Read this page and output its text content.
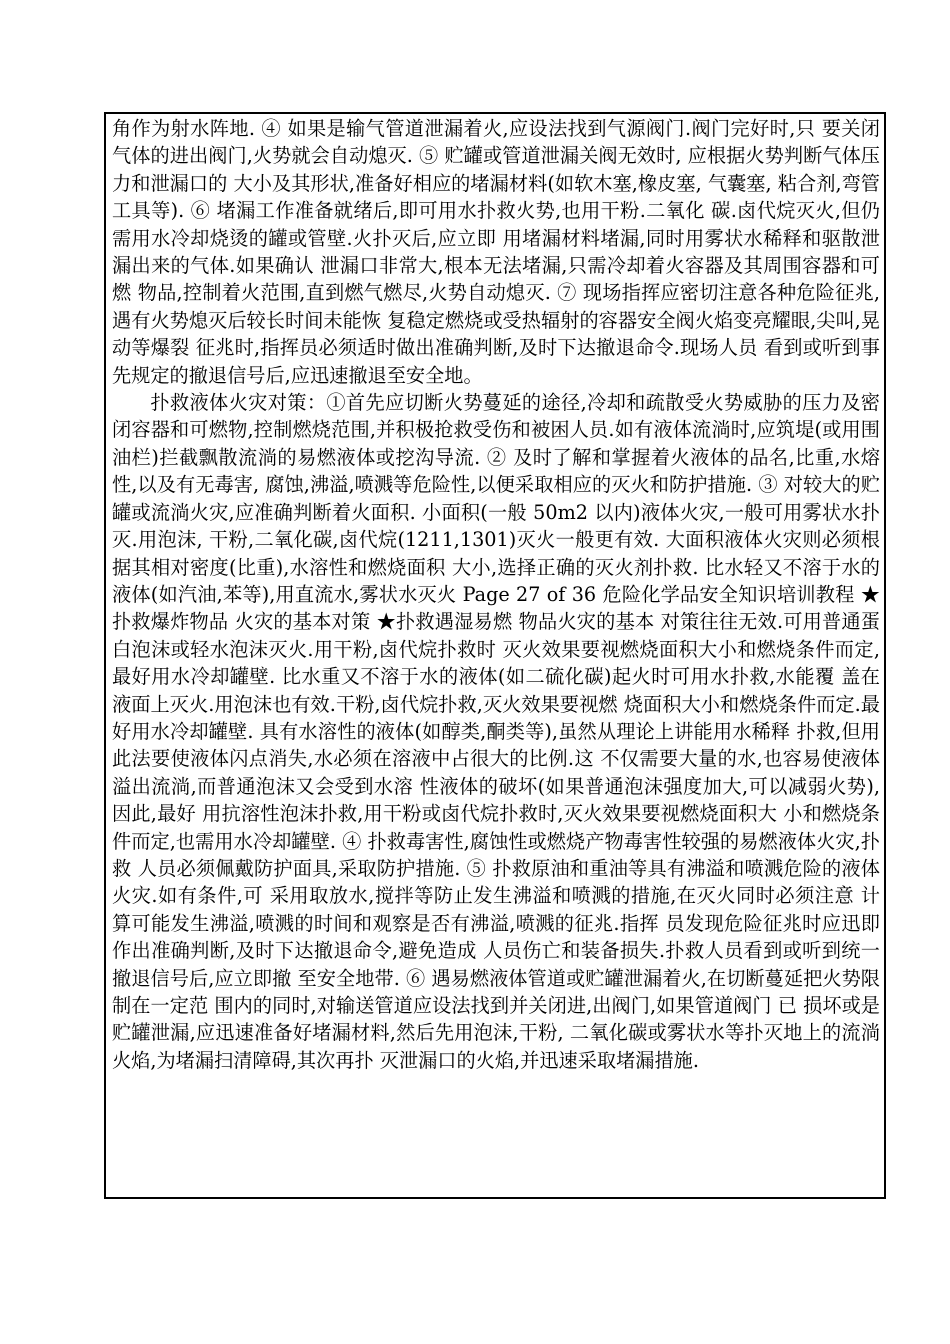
角作为射水阵地. ④ 如果是输气管道泄漏着火,应设法找到气源阀门.阀门完好时,只 要关闭气体的进出阀门,火势就会自动熄灭. ⑤ 贮罐或管道泄漏关阀无效时, 应根据火势判断气体压力和泄漏口的 大小及其形状,准备好相应的堵漏材料(如软木塞,橡皮塞, 气囊塞, 粘合剂,弯管工具等). ⑥ 堵漏工作准备就绪后,即可用水扑救火势,也用干粉.二氧化 碳.卤代烷灭火,但仍需用水冷却烧烫的罐或管壁.火扑灭后,应立即 用堵漏材料堵漏,同时用雾状水稀释和驱散泄漏出来的气体.如果确认 泄漏口非常大,根本无法堵漏,只需冷却着火容器及其周围容器和可燃 物品,控制着火范围,直到燃气燃尽,火势自动熄灭. ⑦ 现场指挥应密切注意各种危险征兆,遇有火势熄灭后较长时间未能恢 复稳定燃烧或受热辐射的容器安全阀火焰变亮耀眼,尖叫,晃动等爆裂 征兆时,指挥员必须适时做出准确判断,及时下达撤退命令.现场人员 看到或听到事先规定的撤退信号后,应迅速撤退至安全地。

扑救液体火灾对策：①首先应切断火势蔓延的途径,冷却和疏散受火势威胁的压力及密 闭容器和可燃物,控制燃烧范围,并积极抢救受伤和被困人员.如有液体流淌时,应筑堤(或用围油栏)拦截飘散流淌的易燃液体或挖沟导流. ② 及时了解和掌握着火液体的品名,比重,水熔性,以及有无毒害, 腐蚀,沸溢,喷溅等危险性,以便采取相应的灭火和防护措施. ③ 对较大的贮罐或流淌火灾,应准确判断着火面积. 小面积(一般 50m2 以内)液体火灾,一般可用雾状水扑灭.用泡沫, 干粉,二氧化碳,卤代烷(1211,1301)灭火一般更有效. 大面积液体火灾则必须根据其相对密度(比重),水溶性和燃烧面积 大小,选择正确的灭火剂扑救. 比水轻又不溶于水的液体(如汽油,苯等),用直流水,雾状水灭火 Page 27 of 36 危险化学品安全知识培训教程 ★扑救爆炸物品 火灾的基本对策 ★扑救遇湿易燃 物品火灾的基本 对策往往无效.可用普通蛋白泡沫或轻水泡沫灭火.用干粉,卤代烷扑救时 灭火效果要视燃烧面积大小和燃烧条件而定,最好用水冷却罐壁. 比水重又不溶于水的液体(如二硫化碳)起火时可用水扑救,水能覆 盖在液面上灭火.用泡沫也有效.干粉,卤代烷扑救,灭火效果要视燃 烧面积大小和燃烧条件而定.最好用水冷却罐壁. 具有水溶性的液体(如醇类,酮类等),虽然从理论上讲能用水稀释 扑救,但用此法要使液体闪点消失,水必须在溶液中占很大的比例.这 不仅需要大量的水,也容易使液体溢出流淌,而普通泡沫又会受到水溶 性液体的破坏(如果普通泡沫强度加大,可以减弱火势),因此,最好 用抗溶性泡沫扑救,用干粉或卤代烷扑救时,灭火效果要视燃烧面积大 小和燃烧条件而定,也需用水冷却罐壁. ④ 扑救毒害性,腐蚀性或燃烧产物毒害性较强的易燃液体火灾,扑救 人员必须佩戴防护面具,采取防护措施. ⑤ 扑救原油和重油等具有沸溢和喷溅危险的液体火灾.如有条件,可 采用取放水,搅拌等防止发生沸溢和喷溅的措施,在灭火同时必须注意 计 算可能发生沸溢,喷溅的时间和观察是否有沸溢,喷溅的征兆.指挥 员发现危险征兆时应迅即作出准确判断,及时下达撤退命令,避免造成 人员伤亡和装备损失.扑救人员看到或听到统一撤退信号后,应立即撤 至安全地带. ⑥ 遇易燃液体管道或贮罐泄漏着火,在切断蔓延把火势限制在一定范 围内的同时,对输送管道应设法找到并关闭进,出阀门,如果管道阀门 已 损坏或是贮罐泄漏,应迅速准备好堵漏材料,然后先用泡沫,干粉, 二氧化碳或雾状水等扑灭地上的流淌火焰,为堵漏扫清障碍,其次再扑 灭泄漏口的火焰,并迅速采取堵漏措施.
